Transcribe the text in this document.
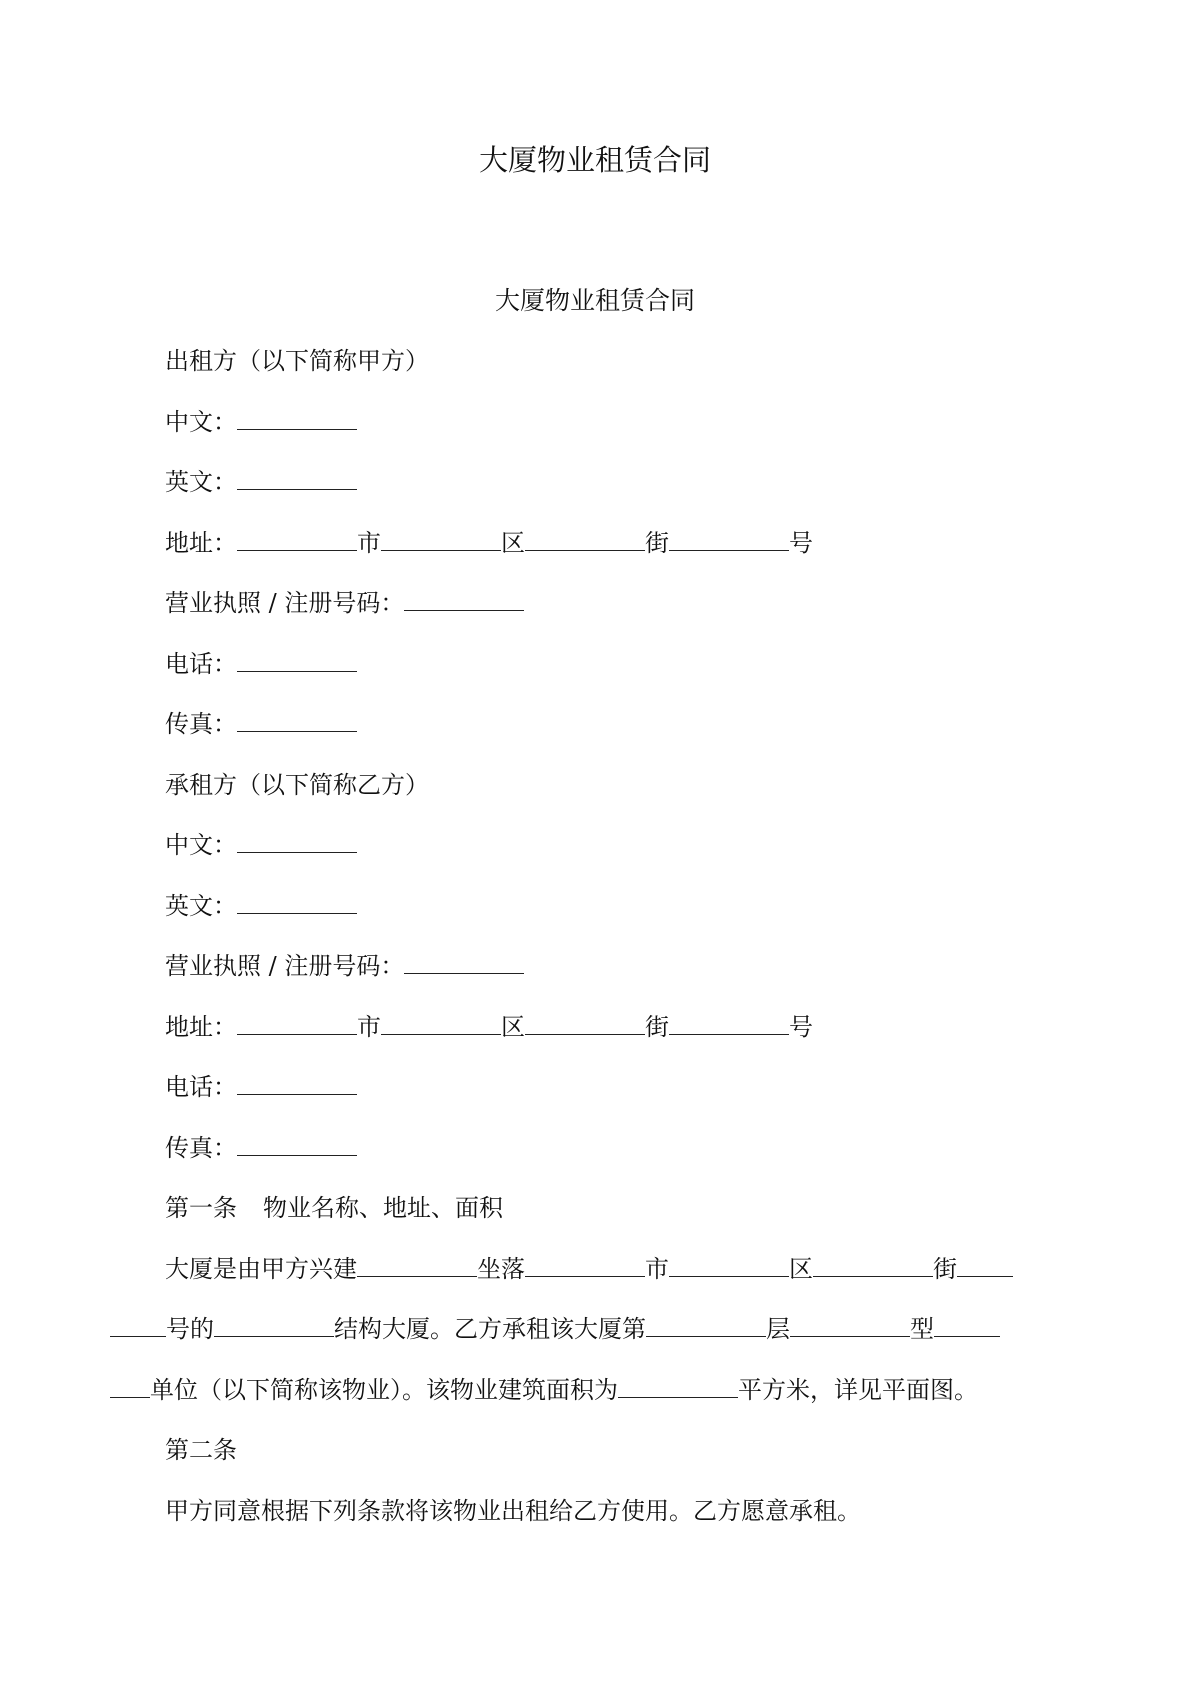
大厦物业租赁合同
大厦物业租赁合同
出租方（以下简称甲方）
中文：
英文：
地址：	市	区	街	号
营业执照 / 注册号码：
电话：
传真：
承租方（以下简称乙方）
中文：
英文：
营业执照 / 注册号码：
地址：	市	区	街	号
电话：
传真：
第一条 物业名称、地址、面积
大厦是由甲方兴建	坐落	市	区	街
号的	结构大厦。乙方承租该大厦第	层	型
单位（以下简称该物业）。该物业建筑面积为	平方米，详见平面图。
第二条
甲方同意根据下列条款将该物业出租给乙方使用。乙方愿意承租。
